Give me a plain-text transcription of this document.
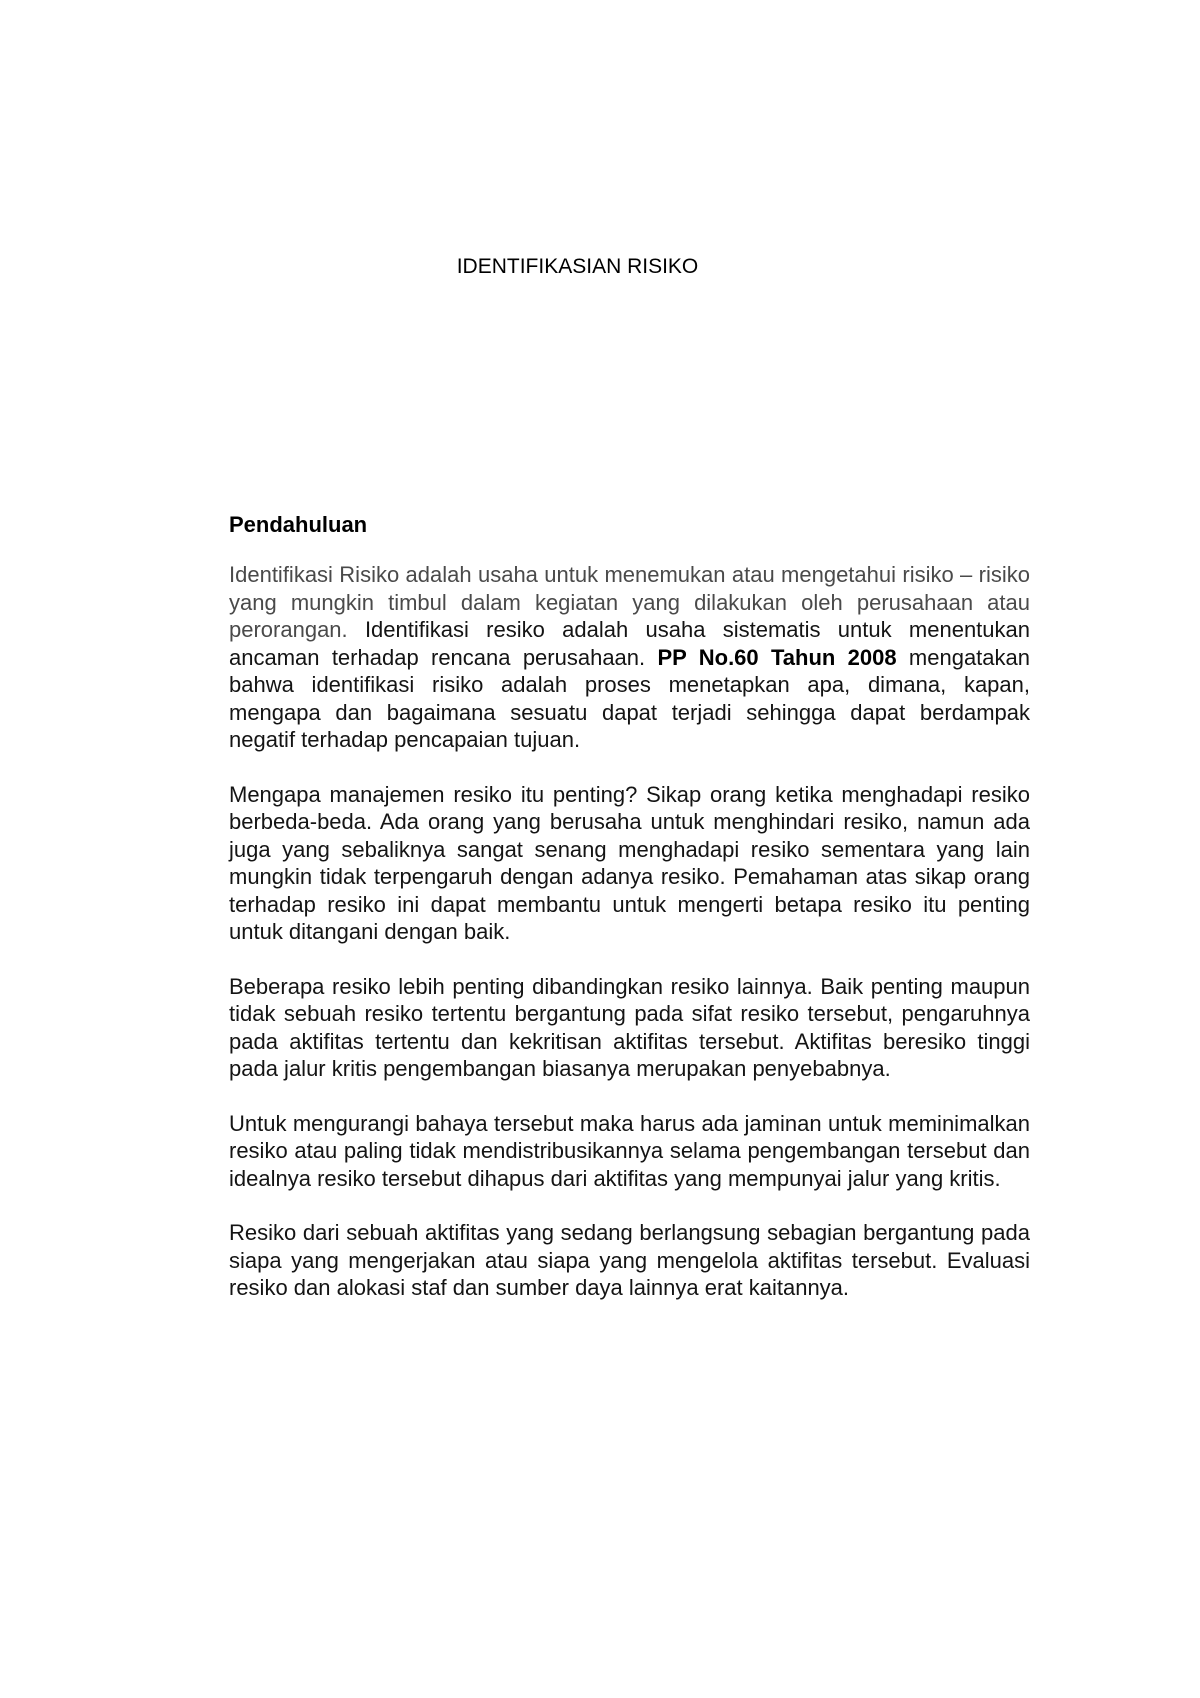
IDENTIFIKASIAN RISIKO
Pendahuluan

Identifikasi Risiko adalah usaha untuk menemukan atau mengetahui risiko – risiko yang mungkin timbul dalam kegiatan yang dilakukan oleh perusahaan atau perorangan. Identifikasi resiko adalah usaha sistematis untuk menentukan ancaman terhadap rencana perusahaan. PP No.60 Tahun 2008 mengatakan bahwa identifikasi risiko adalah proses menetapkan apa, dimana, kapan, mengapa dan bagaimana sesuatu dapat terjadi sehingga dapat berdampak negatif terhadap pencapaian tujuan.

Mengapa manajemen resiko itu penting? Sikap orang ketika menghadapi resiko berbeda-beda. Ada orang yang berusaha untuk menghindari resiko, namun ada juga yang sebaliknya sangat senang menghadapi resiko sementara yang lain mungkin tidak terpengaruh dengan adanya resiko. Pemahaman atas sikap orang terhadap resiko ini dapat membantu untuk mengerti betapa resiko itu penting untuk ditangani dengan baik.

Beberapa resiko lebih penting dibandingkan resiko lainnya. Baik penting maupun tidak sebuah resiko tertentu bergantung pada sifat resiko tersebut, pengaruhnya pada aktifitas tertentu dan kekritisan aktifitas tersebut. Aktifitas beresiko tinggi pada jalur kritis pengembangan biasanya merupakan penyebabnya.

Untuk mengurangi bahaya tersebut maka harus ada jaminan untuk meminimalkan resiko atau paling tidak mendistribusikannya selama pengembangan tersebut dan idealnya resiko tersebut dihapus dari aktifitas yang mempunyai jalur yang kritis.

Resiko dari sebuah aktifitas yang sedang berlangsung sebagian bergantung pada siapa yang mengerjakan atau siapa yang mengelola aktifitas tersebut. Evaluasi resiko dan alokasi staf dan sumber daya lainnya erat kaitannya.
